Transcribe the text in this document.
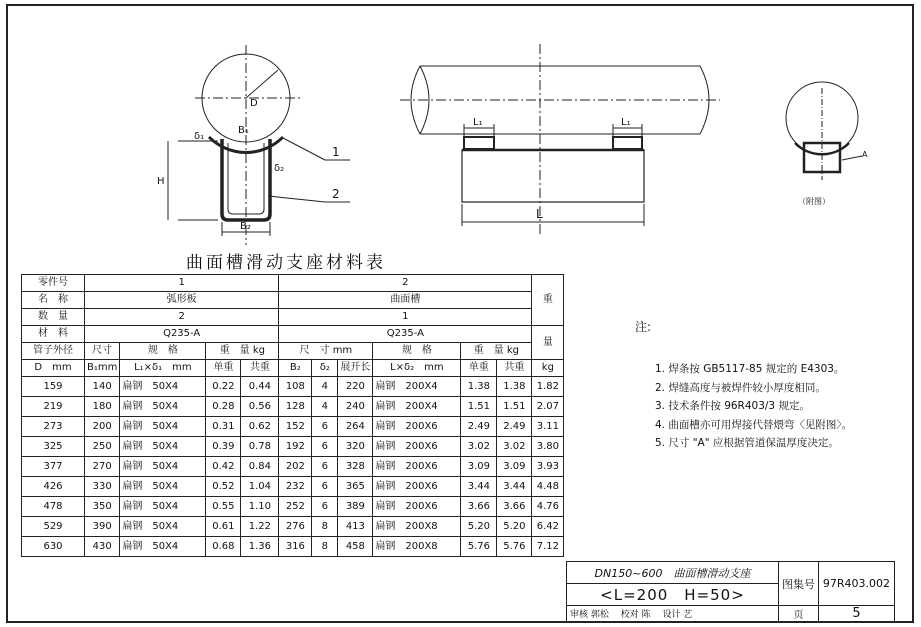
D
B₁
δ₁
H
δ₂
B₂
1
2
L₁	L₁
L
A
（附图）
曲面槽滑动支座材料表
零件号	1				2						重
名　称	弧形板				曲面槽						
数　量	2				1						
材　料	Q235-A				Q235-A						量
管子外径	尺寸	规　格	重　量 kg		尺　寸 mm			规　格	重　量 kg		
D　mm	B₁mm	L₁×δ₁　mm	单重	共重	B₂	δ₂	展开长	L×δ₂　mm	单重	共重	kg
159	140	扁钢　50X4	0.22	0.44	108	4	220	扁钢　200X4	1.38	1.38	1.82
219	180	扁钢　50X4	0.28	0.56	128	4	240	扁钢　200X4	1.51	1.51	2.07
273	200	扁钢　50X4	0.31	0.62	152	6	264	扁钢　200X6	2.49	2.49	3.11
325	250	扁钢　50X4	0.39	0.78	192	6	320	扁钢　200X6	3.02	3.02	3.80
377	270	扁钢　50X4	0.42	0.84	202	6	328	扁钢　200X6	3.09	3.09	3.93
426	330	扁钢　50X4	0.52	1.04	232	6	365	扁钢　200X6	3.44	3.44	4.48
478	350	扁钢　50X4	0.55	1.10	252	6	389	扁钢　200X6	3.66	3.66	4.76
529	390	扁钢　50X4	0.61	1.22	276	8	413	扁钢　200X8	5.20	5.20	6.42
630	430	扁钢　50X4	0.68	1.36	316	8	458	扁钢　200X8	5.76	5.76	7.12
注:
1. 焊条按 GB5117-85 规定的 E4303。
2. 焊缝高度与被焊件较小厚度相同。
3. 技术条件按 96R403/3 规定。
4. 曲面槽亦可用焊接代替煨弯〈见附图〉。
5. 尺寸 "A" 应根据管道保温厚度决定。
DN150~600　曲面槽滑动支座	图集号	97R403.002
<L=200　H=50>		
审核 郭松 　校对 陈 　设计 艺	页	5
